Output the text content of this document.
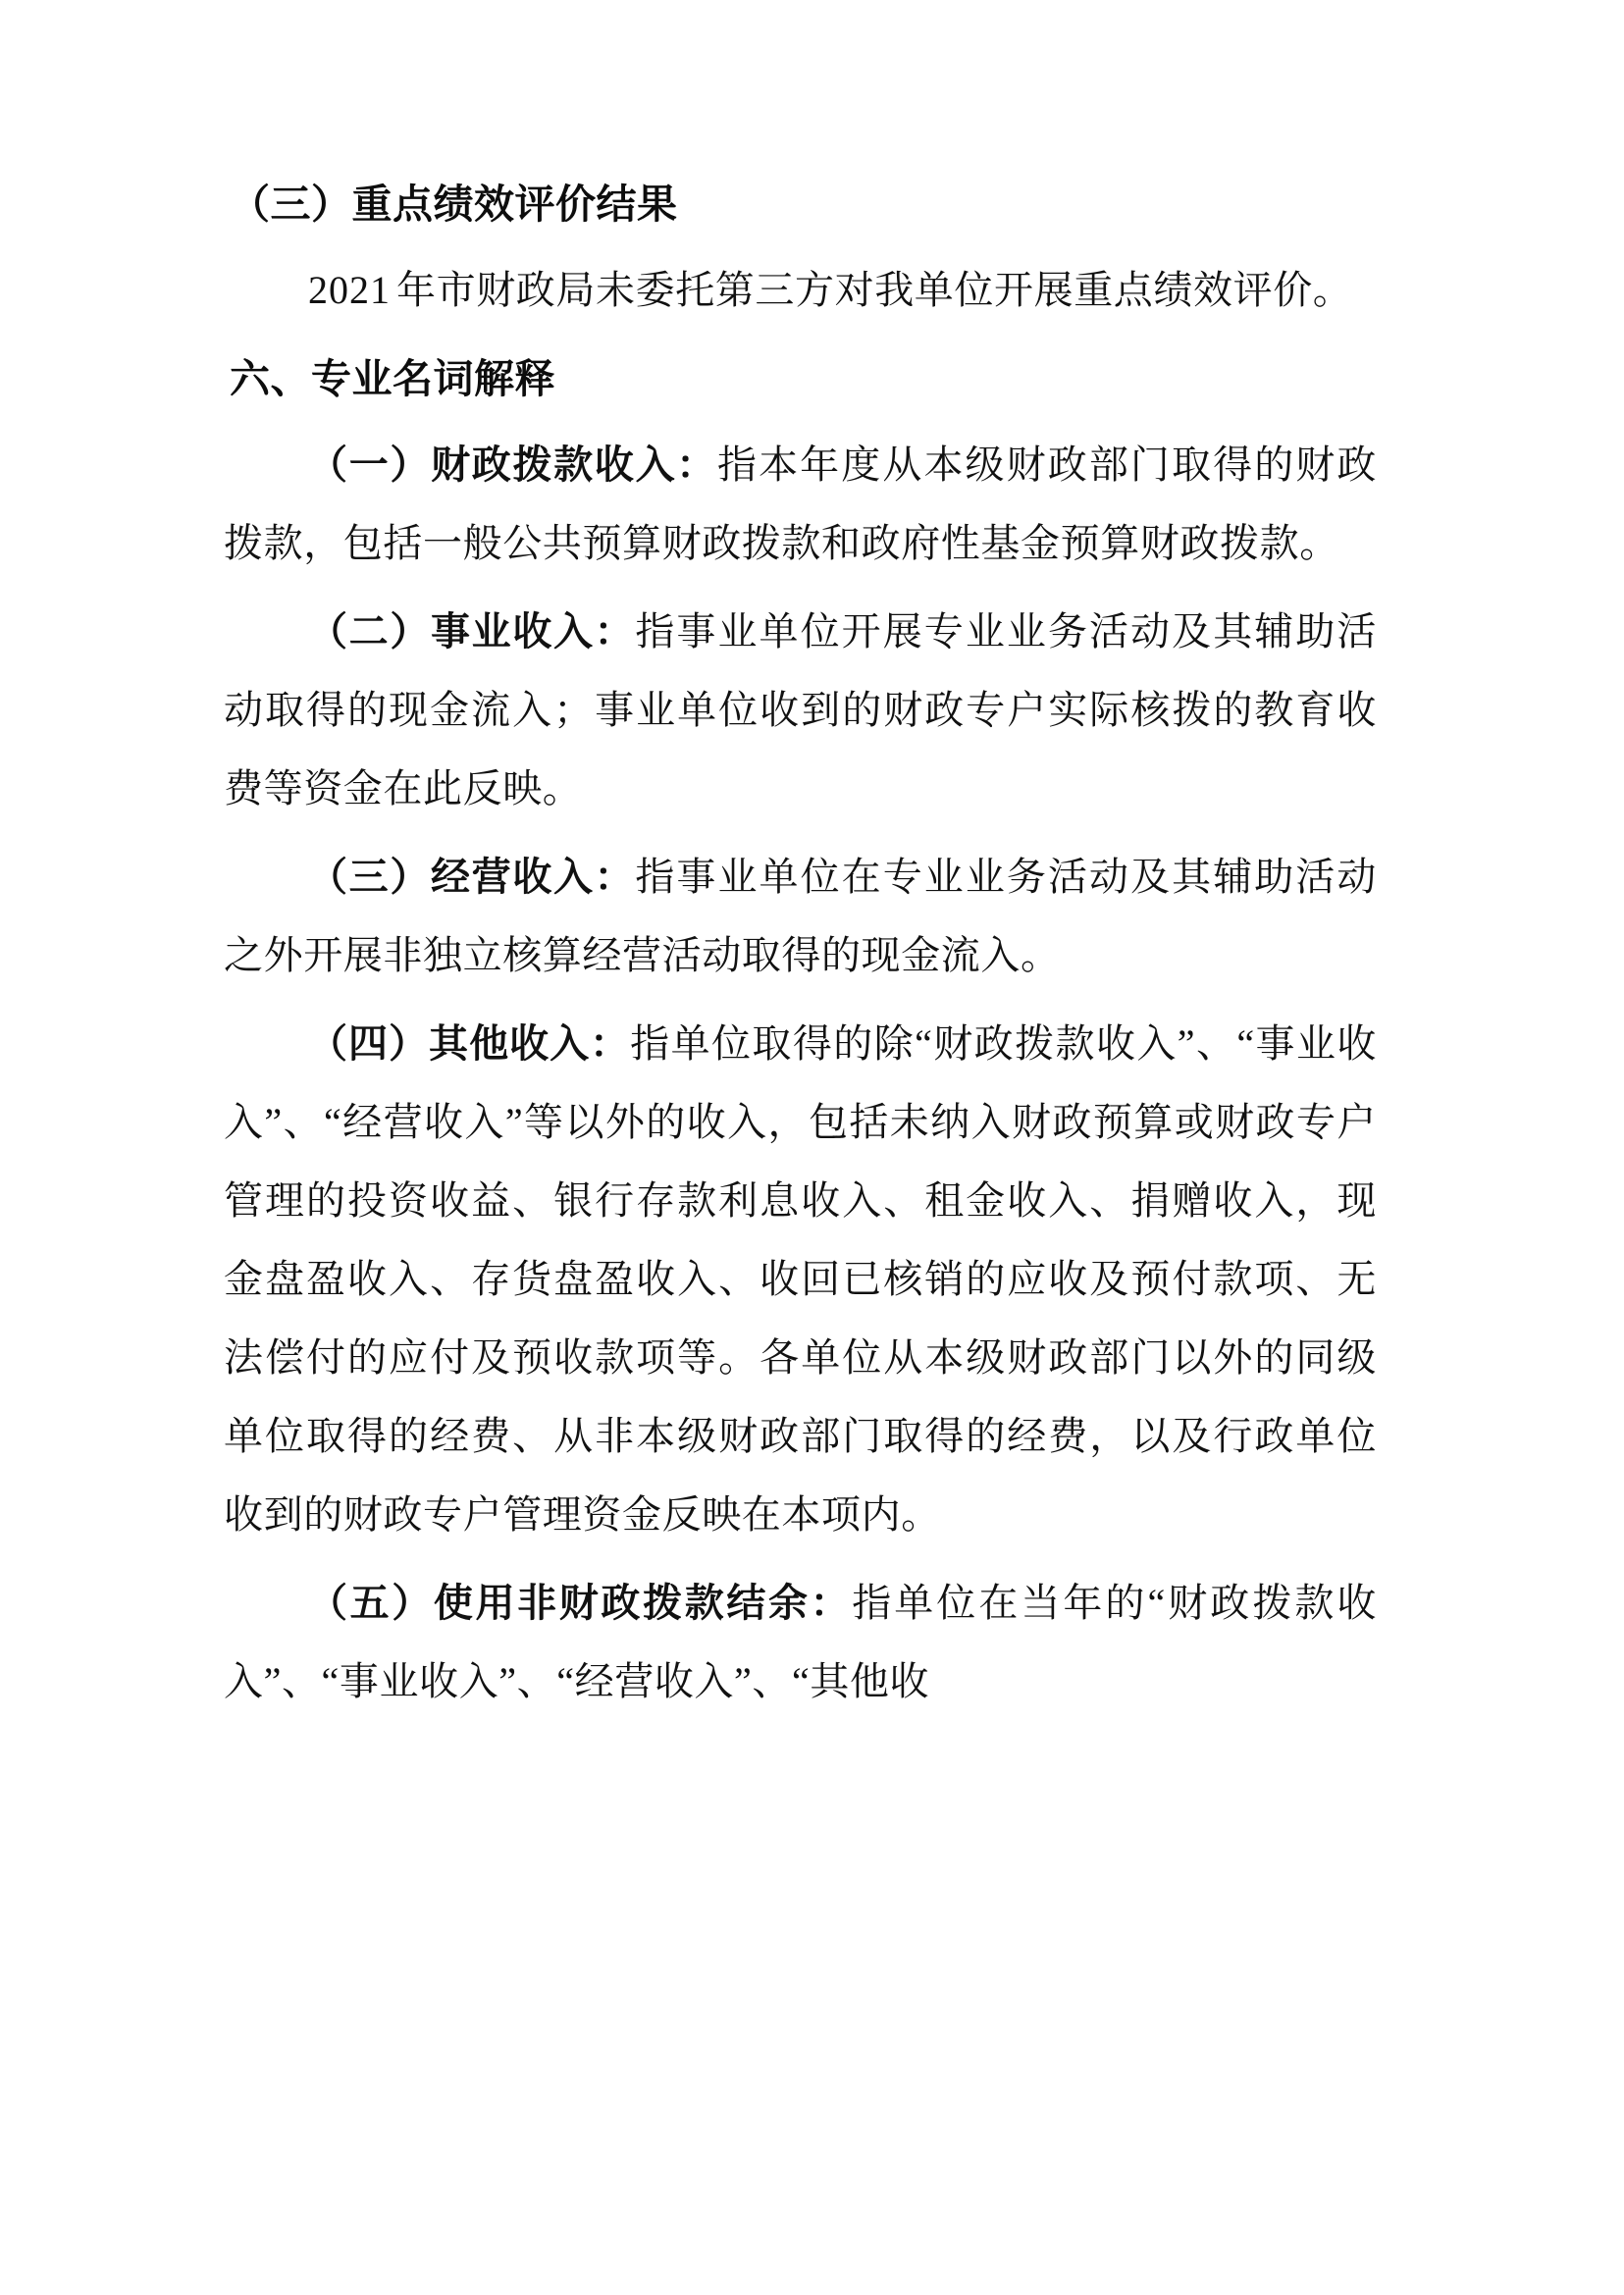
（三）重点绩效评价结果

2021 年市财政局未委托第三方对我单位开展重点绩效评价。

六、专业名词解释

（一）财政拨款收入：指本年度从本级财政部门取得的财政拨款，包括一般公共预算财政拨款和政府性基金预算财政拨款。

（二）事业收入：指事业单位开展专业业务活动及其辅助活动取得的现金流入；事业单位收到的财政专户实际核拨的教育收费等资金在此反映。

（三）经营收入：指事业单位在专业业务活动及其辅助活动之外开展非独立核算经营活动取得的现金流入。

（四）其他收入：指单位取得的除“财政拨款收入”、“事业收入”、“经营收入”等以外的收入，包括未纳入财政预算或财政专户管理的投资收益、银行存款利息收入、租金收入、捐赠收入，现金盘盈收入、存货盘盈收入、收回已核销的应收及预付款项、无法偿付的应付及预收款项等。各单位从本级财政部门以外的同级单位取得的经费、从非本级财政部门取得的经费，以及行政单位收到的财政专户管理资金反映在本项内。

（五）使用非财政拨款结余：指单位在当年的“财政拨款收入”、“事业收入”、“经营收入”、“其他收
